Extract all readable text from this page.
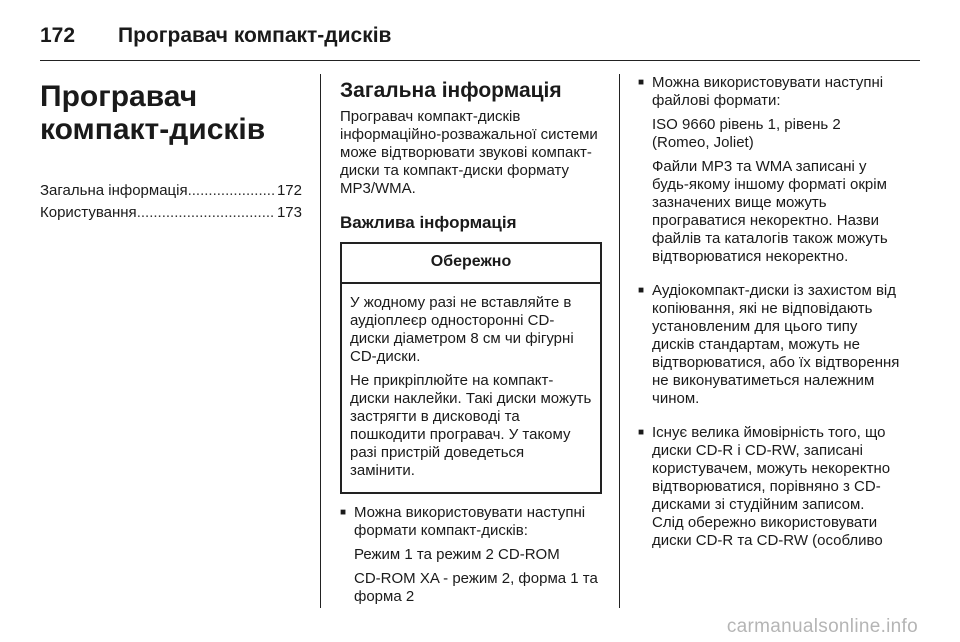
172	Програвач компакт-дисків
Програвач компакт-дисків
Загальна інформація .....	172
Користування .....	173
Загальна інформація

Програвач компакт-дисків інформаційно-розважальної системи може відтворювати звукові компакт-диски та компакт-диски формату MP3/WMA.

Важлива інформація
Обережно

У жодному разі не вставляйте в аудіоплеєр односторонні CD-диски діаметром 8 см чи фігурні CD-диски.

Не прикріплюйте на компакт-диски наклейки. Такі диски можуть застрягти в дисководі та пошкодити програвач. У такому разі пристрій доведеться замінити.

■ Можна використовувати наступні формати компакт-дисків:

Режим 1 та режим 2 CD-ROM

CD-ROM XA - режим 2, форма 1 та форма 2

■ Можна використовувати наступні файлові формати:

ISO 9660 рівень 1, рівень 2 (Romeo, Joliet)

Файли MP3 та WMA записані у будь-якому іншому форматі окрім зазначених вище можуть програватися некоректно. Назви файлів та каталогів також можуть відтворюватися некоректно.

■ Аудіокомпакт-диски із захистом від копіювання, які не відповідають установленим для цього типу дисків стандартам, можуть не відтворюватися, або їх відтворення не виконуватиметься належним чином.

■ Існує велика ймовірність того, що диски CD-R і CD-RW, записані користувачем, можуть некоректно відтворюватися, порівняно з CD-дисками зі студійним записом. Слід обережно використовувати диски CD-R та CD-RW (особливо

carmanualsonline.info
